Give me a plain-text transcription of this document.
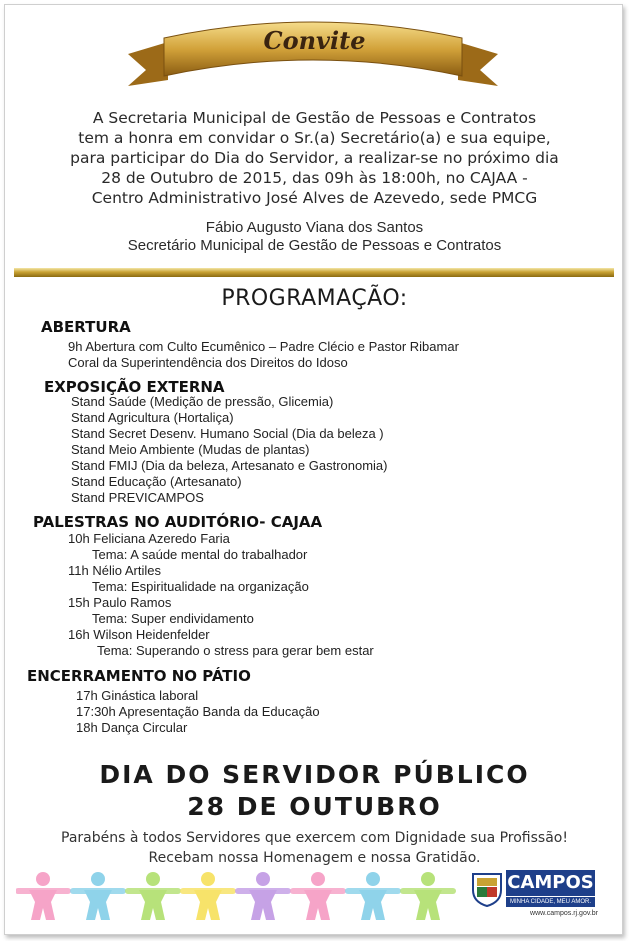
Convite
A Secretaria Municipal de Gestão de Pessoas e Contratos
tem a honra em convidar o Sr.(a) Secretário(a) e sua equipe,
para participar do Dia do Servidor, a realizar-se no próximo dia
28 de Outubro de 2015, das 09h às 18:00h, no CAJAA -
Centro Administrativo José Alves de Azevedo, sede PMCG
Fábio Augusto Viana dos Santos
Secretário Municipal de Gestão de Pessoas e Contratos
PROGRAMAÇÃO:
ABERTURA
9h Abertura com Culto Ecumênico – Padre Clécio e Pastor Ribamar
Coral da Superintendência dos Direitos do Idoso
EXPOSIÇÃO EXTERNA
Stand Saúde (Medição de pressão, Glicemia)
Stand Agricultura (Hortaliça)
Stand Secret Desenv. Humano Social (Dia da beleza )
Stand Meio Ambiente (Mudas de plantas)
Stand FMIJ (Dia da beleza, Artesanato e Gastronomia)
Stand Educação (Artesanato)
Stand PREVICAMPOS
PALESTRAS NO AUDITÓRIO- CAJAA
10h Feliciana Azeredo Faria
Tema: A saúde mental do trabalhador
11h Nélio Artiles
Tema: Espiritualidade na organização
15h Paulo Ramos
Tema: Super endividamento
16h Wilson Heidenfelder
Tema: Superando o stress para gerar bem estar
ENCERRAMENTO NO PÁTIO
17h Ginástica laboral
17:30h Apresentação Banda da Educação
18h Dança Circular
DIA DO SERVIDOR PÚBLICO
28 DE OUTUBRO
Parabéns à todos Servidores que exercem com Dignidade sua Profissão!
Recebam nossa Homenagem e nossa Gratidão.
CAMPOS
MINHA CIDADE, MEU AMOR.
www.campos.rj.gov.br
